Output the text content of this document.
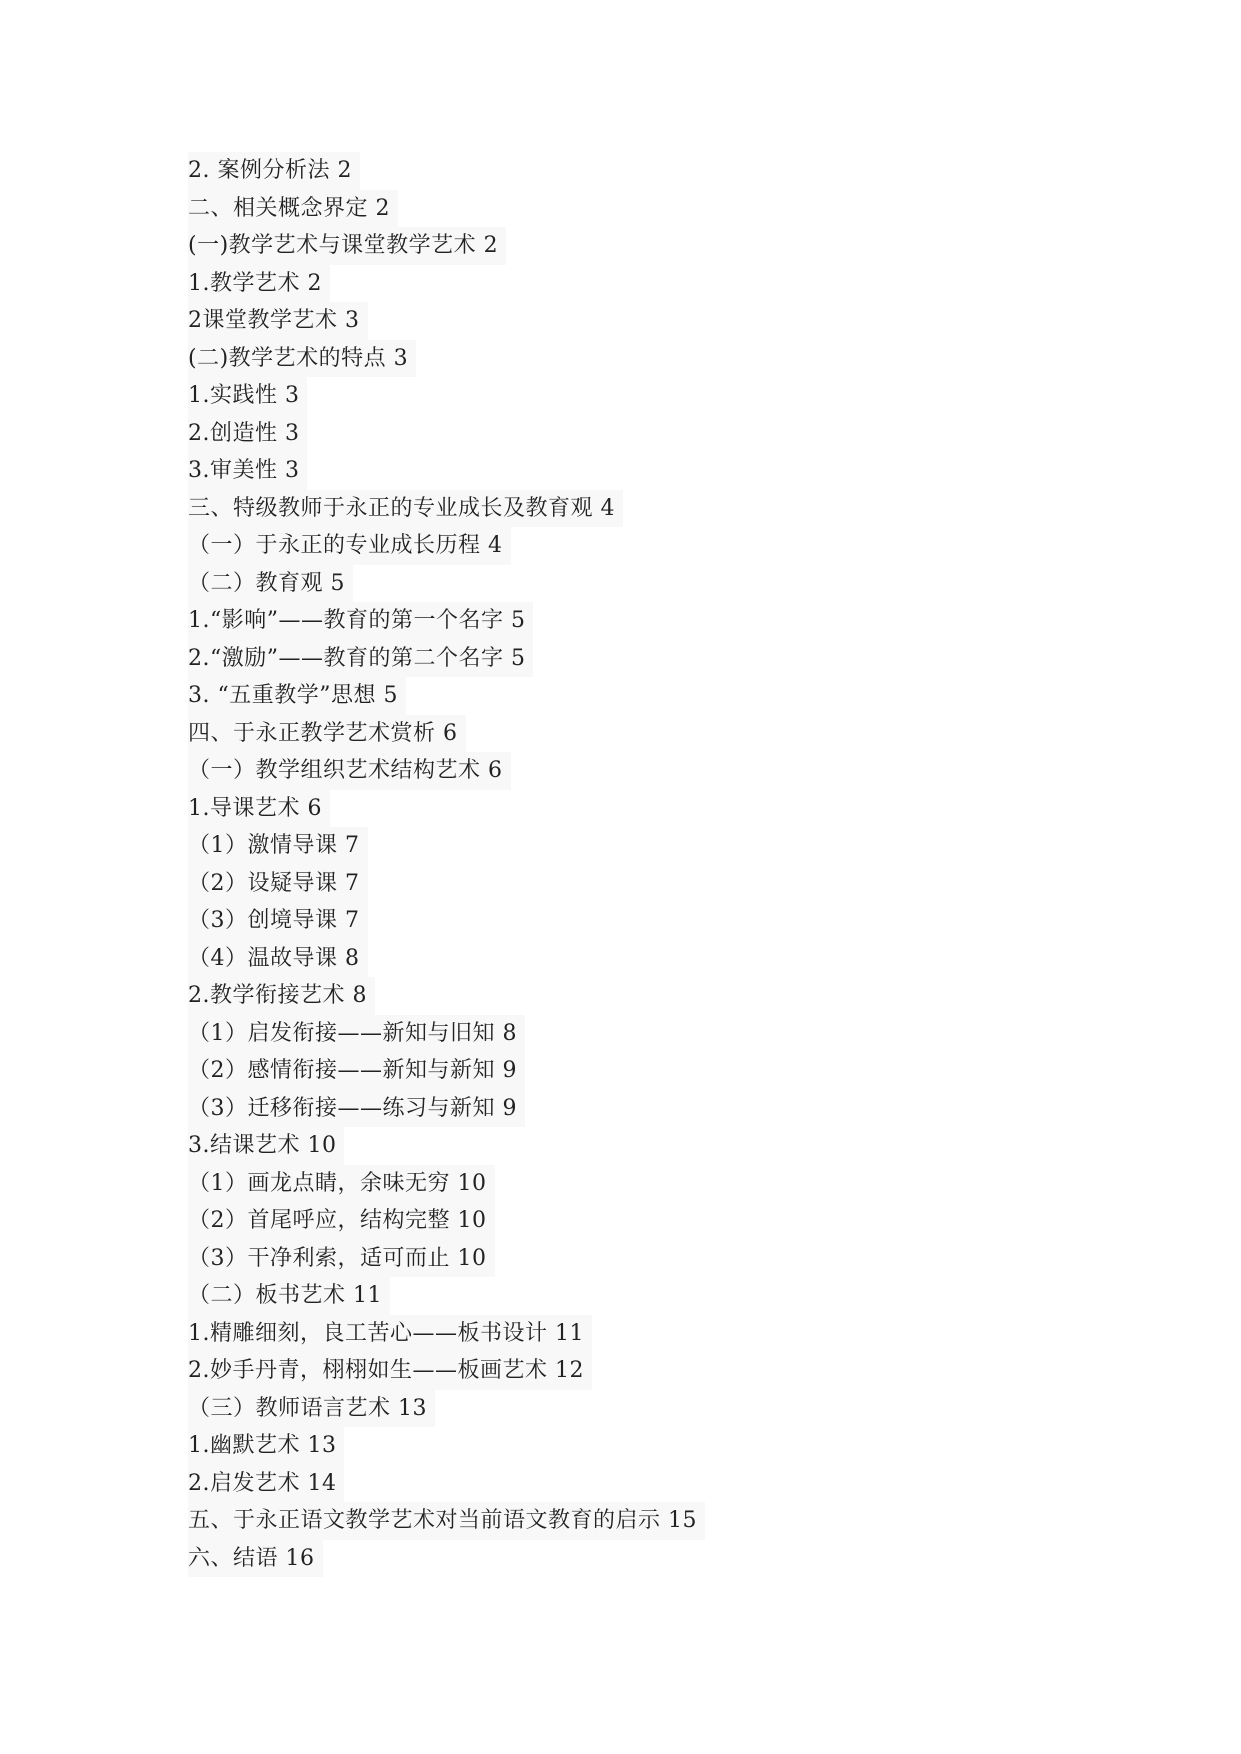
2. 案例分析法 2
二、相关概念界定 2
(一)教学艺术与课堂教学艺术 2
1.教学艺术 2
2课堂教学艺术 3
(二)教学艺术的特点 3
1.实践性 3
2.创造性 3
3.审美性 3
三、特级教师于永正的专业成长及教育观 4
（一）于永正的专业成长历程 4
（二）教育观 5
1.“影响”——教育的第一个名字 5
2.“激励”——教育的第二个名字 5
3. “五重教学”思想 5
四、于永正教学艺术赏析 6
（一）教学组织艺术结构艺术 6
1.导课艺术 6
（1）激情导课 7
（2）设疑导课 7
（3）创境导课 7
（4）温故导课 8
2.教学衔接艺术 8
（1）启发衔接——新知与旧知 8
（2）感情衔接——新知与新知 9
（3）迁移衔接——练习与新知 9
3.结课艺术 10
（1）画龙点睛，余味无穷 10
（2）首尾呼应，结构完整 10
（3）干净利索，适可而止 10
（二）板书艺术 11
1.精雕细刻，良工苦心——板书设计 11
2.妙手丹青，栩栩如生——板画艺术 12
（三）教师语言艺术 13
1.幽默艺术 13
2.启发艺术 14
五、于永正语文教学艺术对当前语文教育的启示 15
六、结语 16
